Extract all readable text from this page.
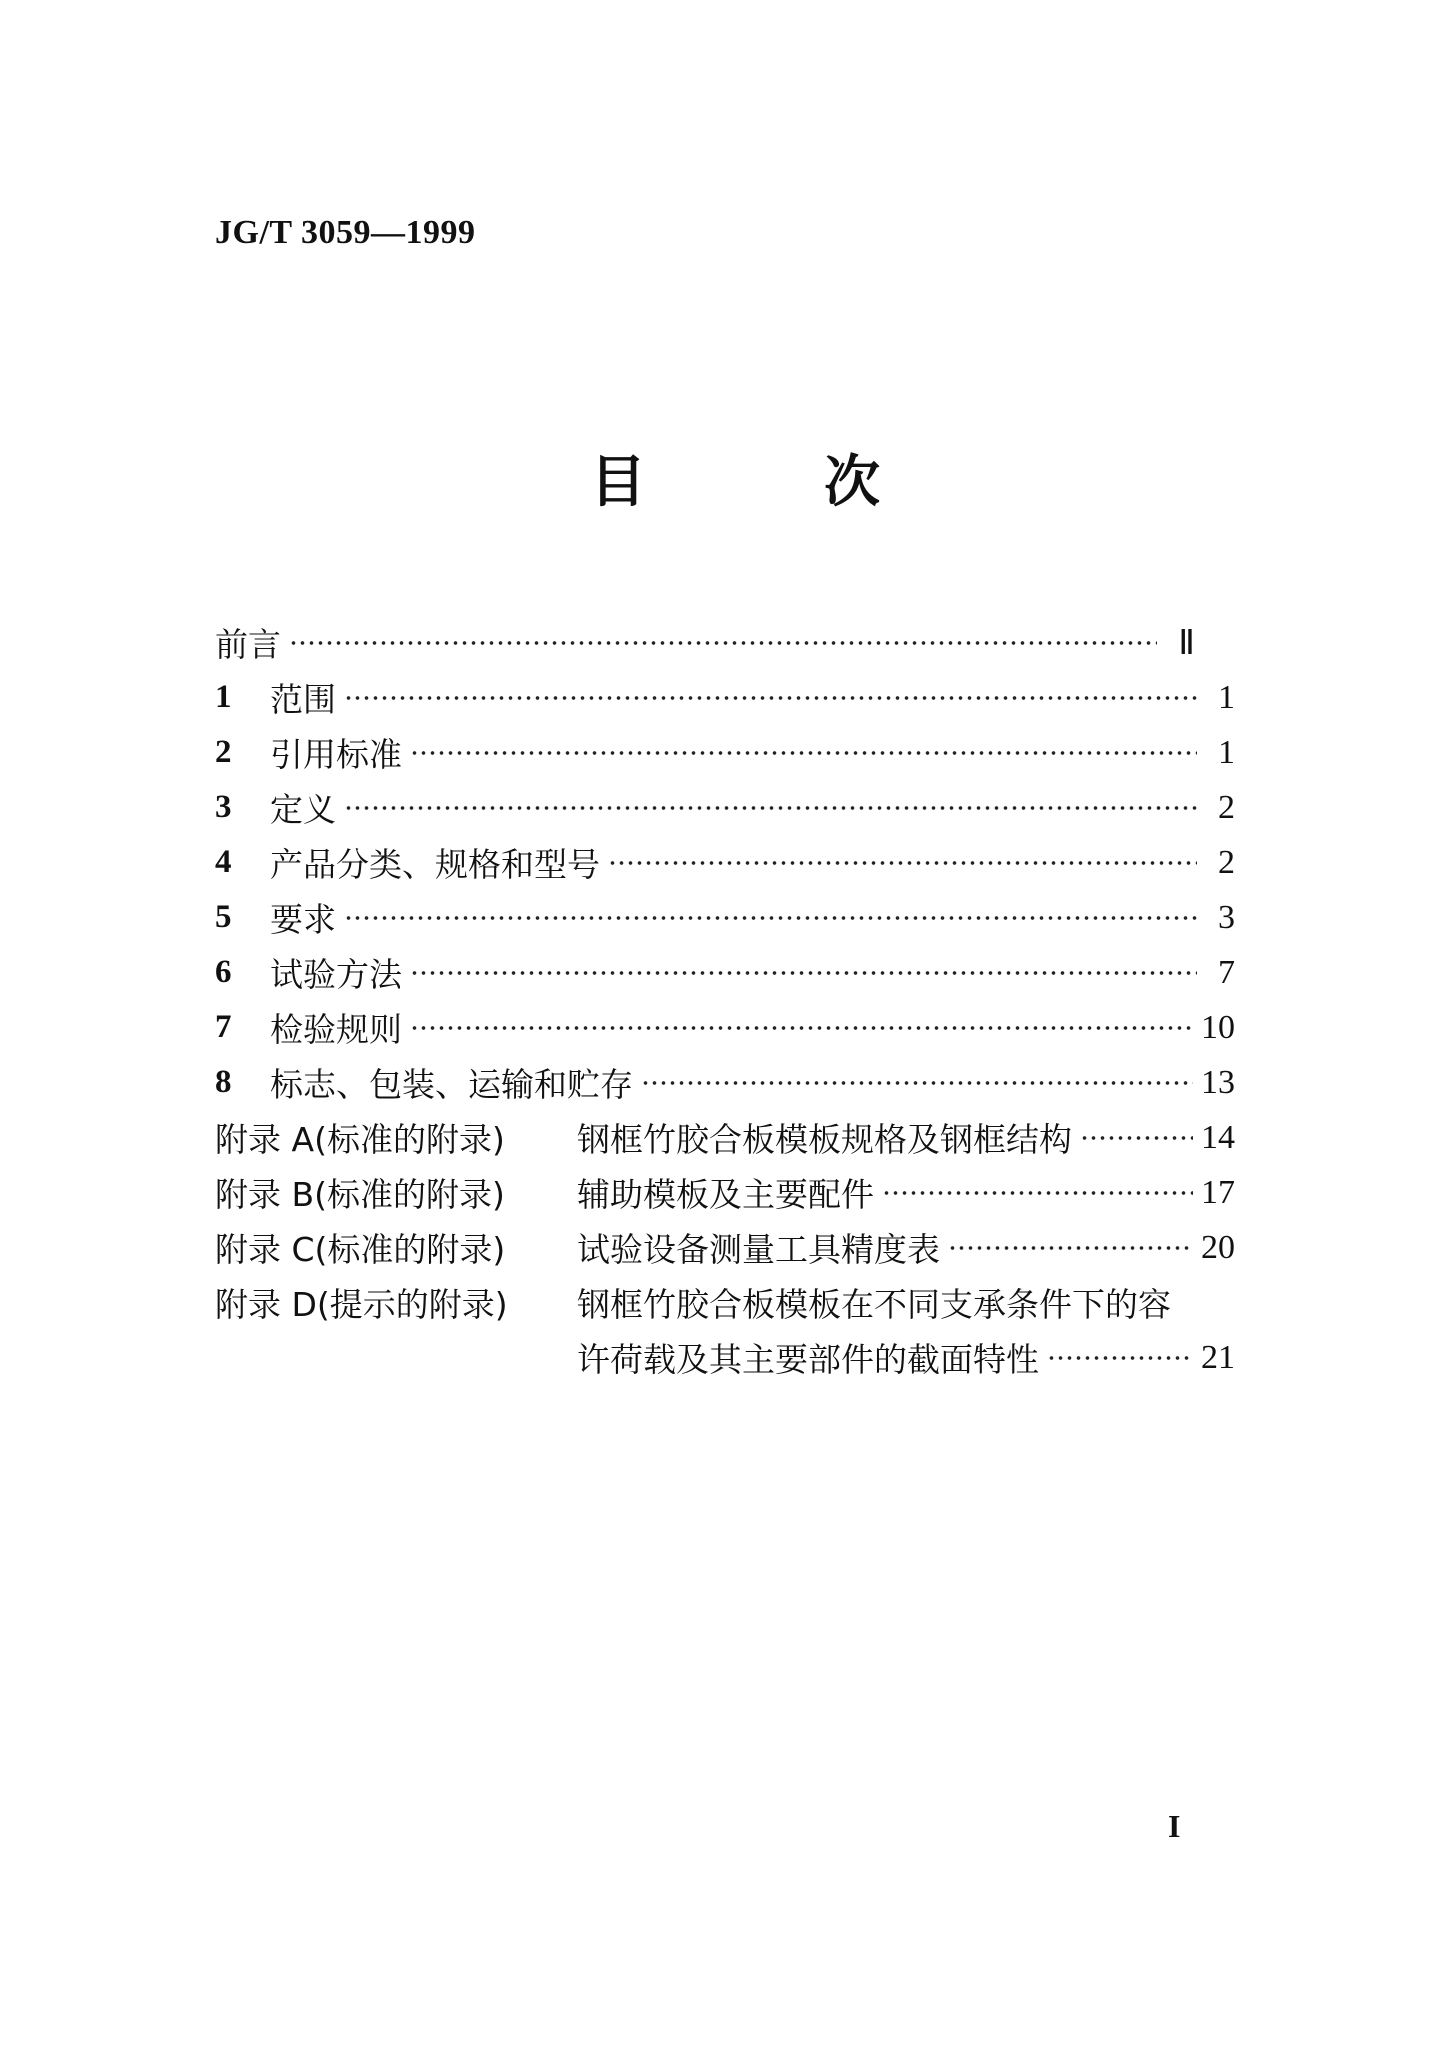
JG/T 3059—1999
目	次
前言	Ⅱ
1	范围	1
2	引用标准	1
3	定义	2
4	产品分类、规格和型号	2
5	要求	3
6	试验方法	7
7	检验规则	10
8	标志、包装、运输和贮存	13
附录 A(标准的附录)	钢框竹胶合板模板规格及钢框结构	14
附录 B(标准的附录)	辅助模板及主要配件	17
附录 C(标准的附录)	试验设备测量工具精度表	20
附录 D(提示的附录)	钢框竹胶合板模板在不同支承条件下的容
许荷载及其主要部件的截面特性	21
I
